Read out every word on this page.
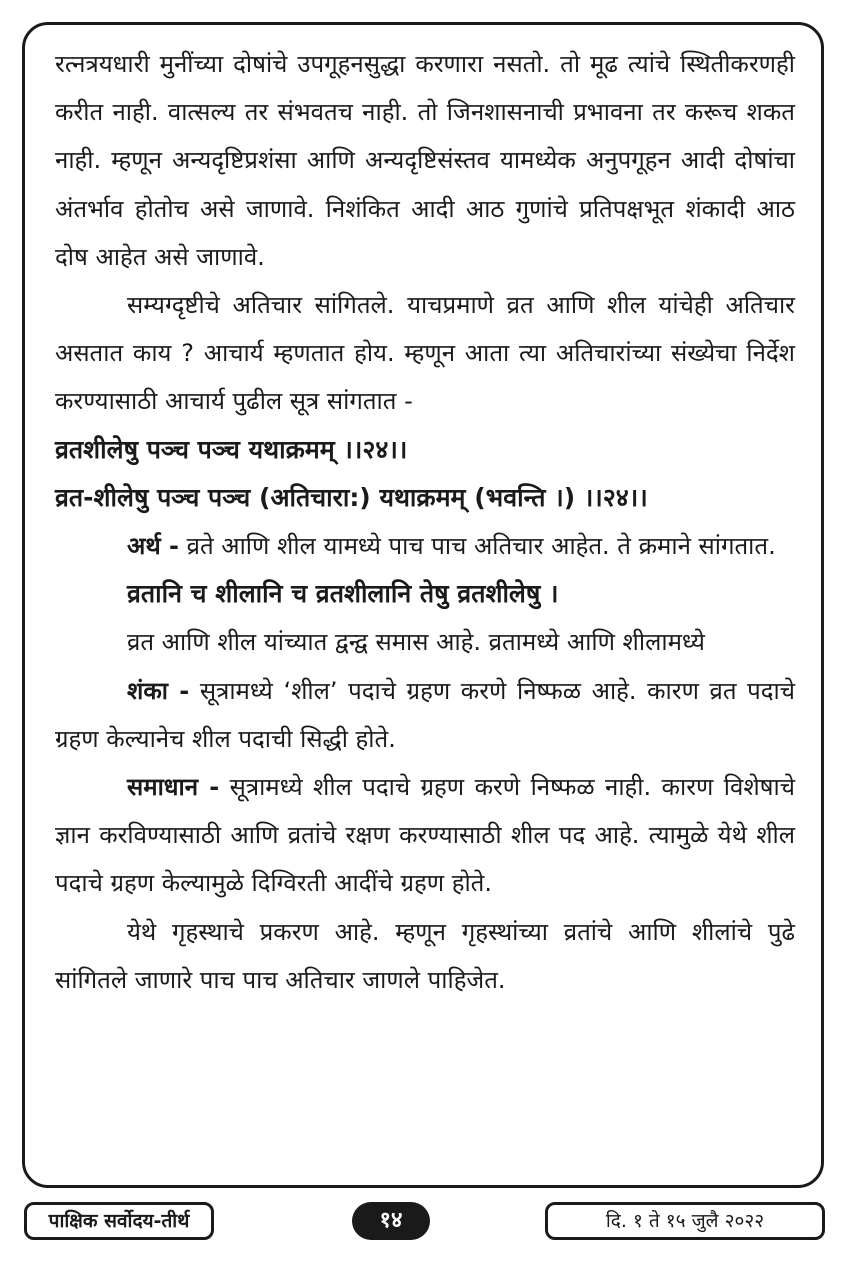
रत्नत्रयधारी मुनींच्या दोषांचे उपगूहनसुद्धा करणारा नसतो. तो मूढ त्यांचे स्थितीकरणही करीत नाही. वात्सल्य तर संभवतच नाही. तो जिनशासनाची प्रभावना तर करूच शकत नाही. म्हणून अन्यदृष्टिप्रशंसा आणि अन्यदृष्टिसंस्तव यामध्येक अनुपगूहन आदी दोषांचा अंतर्भाव होतोच असे जाणावे. निशंकित आदी आठ गुणांचे प्रतिपक्षभूत शंकादी आठ दोष आहेत असे जाणावे.

सम्यग्दृष्टीचे अतिचार सांगितले. याचप्रमाणे व्रत आणि शील यांचेही अतिचार असतात काय ? आचार्य म्हणतात होय. म्हणून आता त्या अतिचारांच्या संख्येचा निर्देश करण्यासाठी आचार्य पुढील सूत्र सांगतात -

व्रतशीलेषु पञ्च पञ्च यथाक्रमम् ।।२४।।

व्रत-शीलेषु पञ्च पञ्च (अतिचारा:) यथाक्रमम् (भवन्ति ।) ।।२४।।

अर्थ - व्रते आणि शील यामध्ये पाच पाच अतिचार आहेत. ते क्रमाने सांगतात.

व्रतानि च शीलानि च व्रतशीलानि तेषु व्रतशीलेषु ।

व्रत आणि शील यांच्यात द्वन्द्व समास आहे. व्रतामध्ये आणि शीलामध्ये

शंका - सूत्रामध्ये ‘शील’ पदाचे ग्रहण करणे निष्फळ आहे. कारण व्रत पदाचे ग्रहण केल्यानेच शील पदाची सिद्धी होते.

समाधान - सूत्रामध्ये शील पदाचे ग्रहण करणे निष्फळ नाही. कारण विशेषाचे ज्ञान करविण्यासाठी आणि व्रतांचे रक्षण करण्यासाठी शील पद आहे. त्यामुळे येथे शील पदाचे ग्रहण केल्यामुळे दिग्विरती आदींचे ग्रहण होते.

येथे गृहस्थाचे प्रकरण आहे. म्हणून गृहस्थांच्या व्रतांचे आणि शीलांचे पुढे सांगितले जाणारे पाच पाच अतिचार जाणले पाहिजेत.

पाक्षिक सर्वोदय-तीर्थ	१४	दि. १ ते १५ जुलै २०२२
